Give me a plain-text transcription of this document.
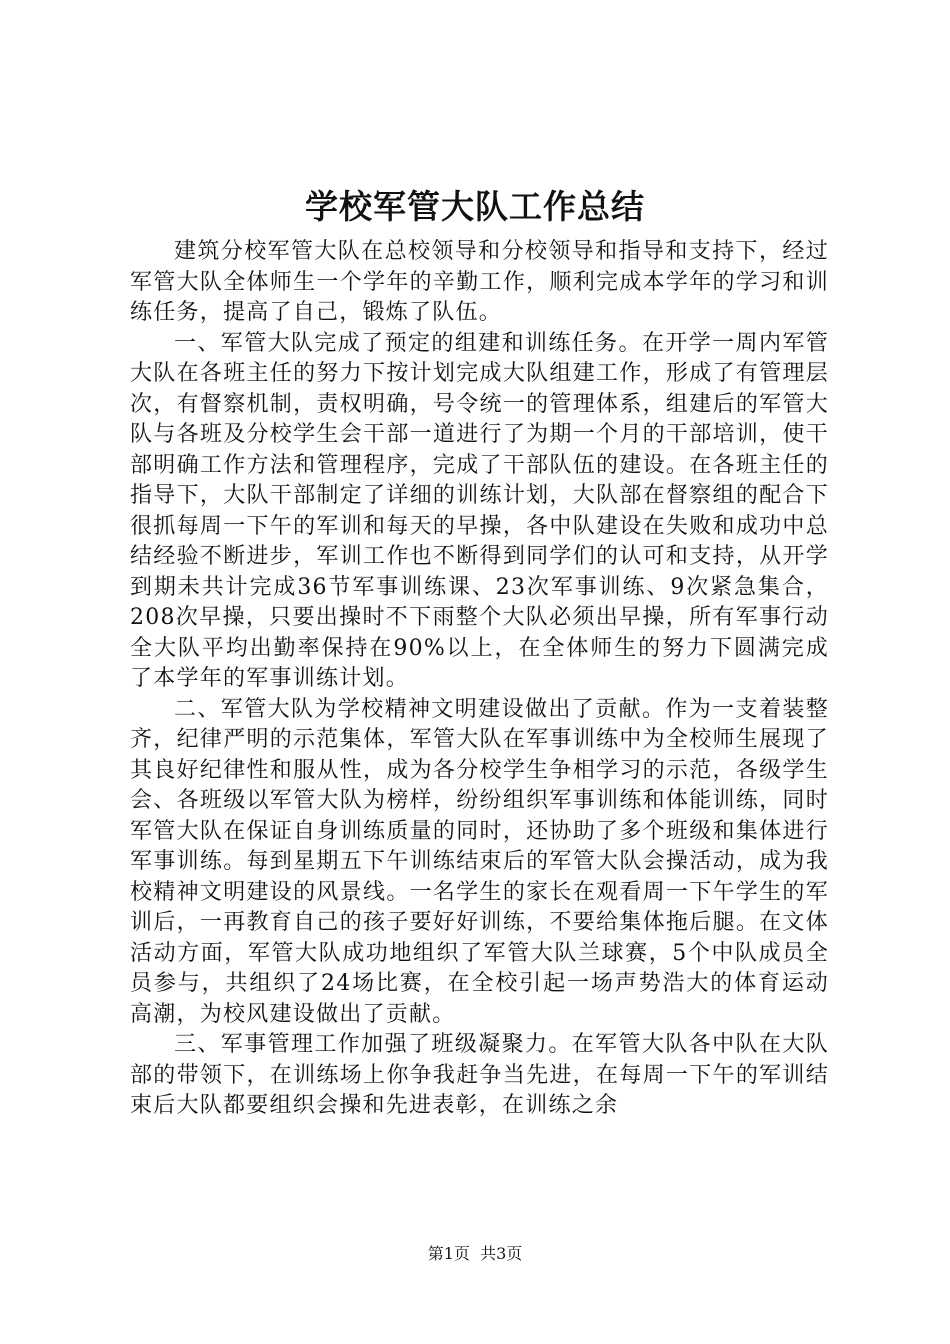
学校军管大队工作总结

建筑分校军管大队在总校领导和分校领导和指导和支持下，经过军管大队全体师生一个学年的辛勤工作，顺利完成本学年的学习和训练任务，提高了自己，锻炼了队伍。

一、军管大队完成了预定的组建和训练任务。在开学一周内军管大队在各班主任的努力下按计划完成大队组建工作，形成了有管理层次，有督察机制，责权明确，号令统一的管理体系，组建后的军管大队与各班及分校学生会干部一道进行了为期一个月的干部培训，使干部明确工作方法和管理程序，完成了干部队伍的建设。在各班主任的指导下，大队干部制定了详细的训练计划，大队部在督察组的配合下很抓每周一下午的军训和每天的早操，各中队建设在失败和成功中总结经验不断进步，军训工作也不断得到同学们的认可和支持，从开学到期未共计完成36节军事训练课、23次军事训练、9次紧急集合，208次早操，只要出操时不下雨整个大队必须出早操，所有军事行动全大队平均出勤率保持在90%以上，在全体师生的努力下圆满完成了本学年的军事训练计划。

二、军管大队为学校精神文明建设做出了贡献。作为一支着装整齐，纪律严明的示范集体，军管大队在军事训练中为全校师生展现了其良好纪律性和服从性，成为各分校学生争相学习的示范，各级学生会、各班级以军管大队为榜样，纷纷组织军事训练和体能训练，同时军管大队在保证自身训练质量的同时，还协助了多个班级和集体进行军事训练。每到星期五下午训练结束后的军管大队会操活动，成为我校精神文明建设的风景线。一名学生的家长在观看周一下午学生的军训后，一再教育自己的孩子要好好训练，不要给集体拖后腿。在文体活动方面，军管大队成功地组织了军管大队兰球赛，5个中队成员全员参与，共组织了24场比赛，在全校引起一场声势浩大的体育运动高潮，为校风建设做出了贡献。

三、军事管理工作加强了班级凝聚力。在军管大队各中队在大队部的带领下，在训练场上你争我赶争当先进，在每周一下午的军训结束后大队都要组织会操和先进表彰，在训练之余

第1页 共3页
